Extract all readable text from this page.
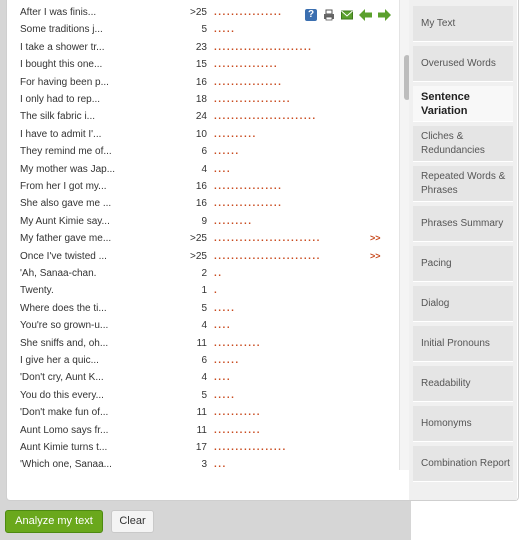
After I was finis...	>25 ................
Some traditions j...	5 .....
I take a shower tr...	23 .......................
I bought this one...	15 ...............
For having been p...	16 ................
I only had to rep...	18 ..................
The silk fabric i...	24 ........................
I have to admit I'...	10 ..........
They remind me of...	6 ......
My mother was Jap...	4 ....
From her I got my...	16 ................
She also gave me ...	16 ................
My Aunt Kimie say...	9 .........
My father gave me...	>25 .........................	>>
Once I've twisted ...	>25 .........................	>>
'Ah, Sanaa-chan.	2 ..
Twenty.	1 .
Where does the ti...	5 .....
You're so grown-u...	4 ....
She sniffs and, oh...	11 ...........
I give her a quic...	6 ......
'Don't cry, Aunt K...	4 ....
You do this every...	5 .....
'Don't make fun of...	11 ...........
Aunt Lomo says fr...	11 ...........
Aunt Kimie turns t...	17 .................
'Which one, Sanaa...	3 ...
?
My Text
Overused Words
Sentence Variation
Cliches & Redundancies
Repeated Words & Phrases
Phrases Summary
Pacing
Dialog
Initial Pronouns
Readability
Homonyms
Combination Report
Analyze my text	Clear
